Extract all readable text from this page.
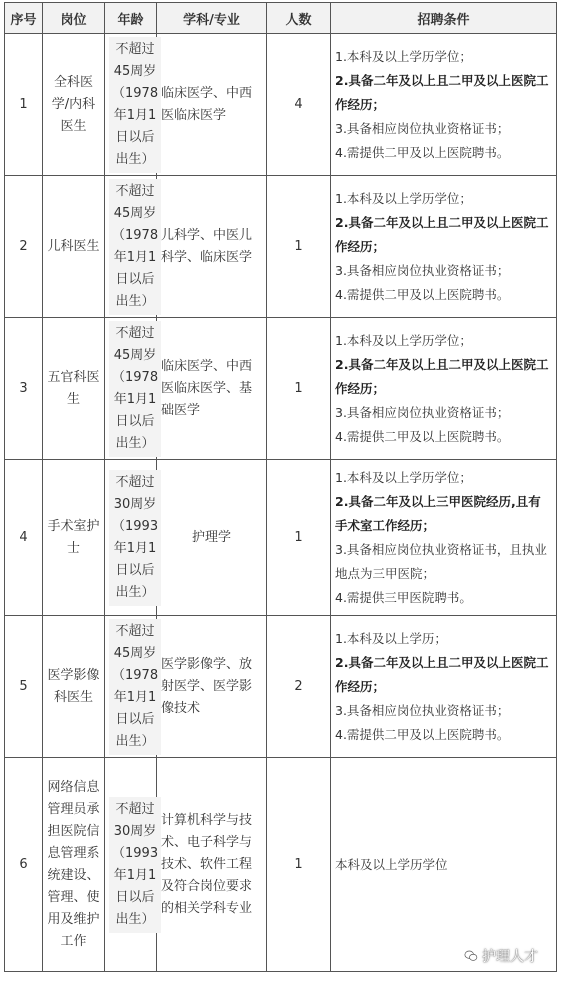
序号	岗位	年龄	学科/专业	人数	招聘条件
1	全科医学/内科医生	不超过45周岁（1978年1月1日以后出生）	临床医学、中西医临床医学	4	1.本科及以上学历学位；

2.具备二年及以上且二甲及以上医院工作经历；

3.具备相应岗位执业资格证书；

4.需提供二甲及以上医院聘书。

2	儿科医生	不超过45周岁（1978年1月1日以后出生）	儿科学、中医儿科学、临床医学	1	1.本科及以上学历学位；

2.具备二年及以上且二甲及以上医院工作经历；

3.具备相应岗位执业资格证书；

4.需提供二甲及以上医院聘书。

3	五官科医生	不超过45周岁（1978年1月1日以后出生）	临床医学、中西医临床医学、基础医学	1	1.本科及以上学历学位；

2.具备二年及以上且二甲及以上医院工作经历；

3.具备相应岗位执业资格证书；

4.需提供二甲及以上医院聘书。

4	手术室护士	不超过30周岁（1993年1月1日以后出生）	护理学	1	1.本科及以上学历学位；

2.具备二年及以上三甲医院经历,且有手术室工作经历；

3.具备相应岗位执业资格证书，且执业地点为三甲医院；

4.需提供三甲医院聘书。

5	医学影像科医生	不超过45周岁（1978年1月1日以后出生）	医学影像学、放射医学、医学影像技术	2	1.本科及以上学历；

2.具备二年及以上且二甲及以上医院工作经历；

3.具备相应岗位执业资格证书；

4.需提供二甲及以上医院聘书。

6	网络信息管理员承担医院信息管理系统建设、管理、使用及维护工作	不超过30周岁（1993年1月1日以后出生）	计算机科学与技术、电子科学与技术、软件工程及符合岗位要求的相关学科专业	1	本科及以上学历学位

护理人才
